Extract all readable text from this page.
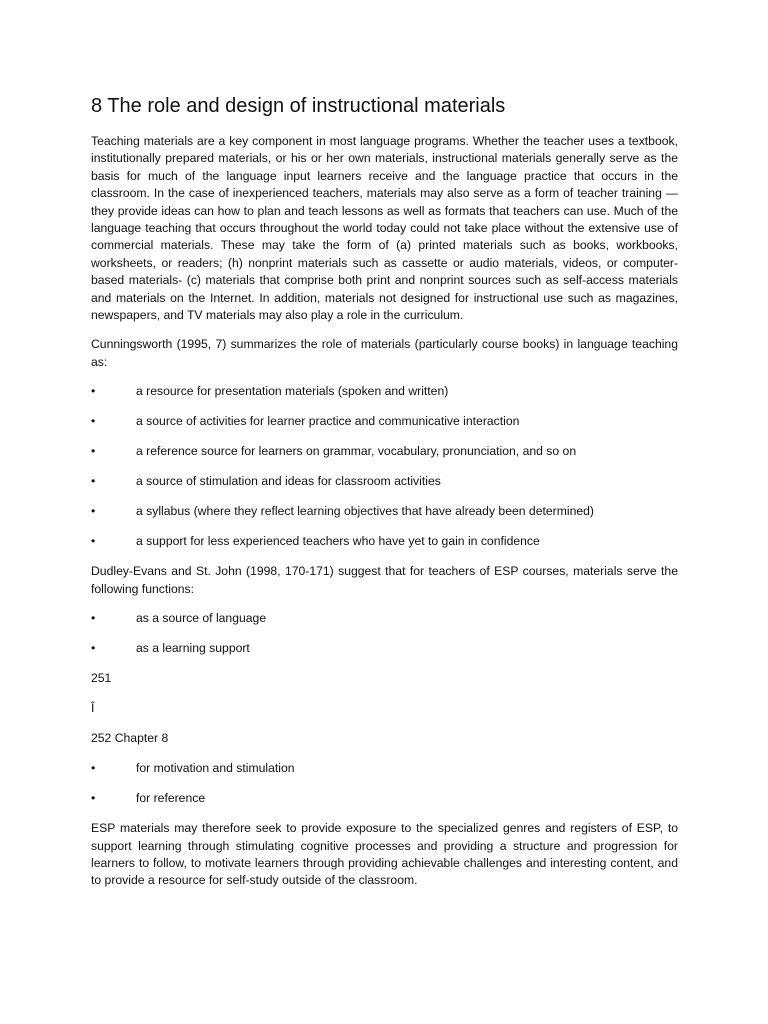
8 The role and design of instructional materials

Teaching materials are a key component in most language programs. Whether the teacher uses a textbook, institutionally prepared materials, or his or her own materials, instructional materials generally serve as the basis for much of the language input learners receive and the language practice that occurs in the classroom. In the case of inexperienced teachers, materials may also serve as a form of teacher training — they provide ideas can how to plan and teach lessons as well as formats that teachers can use. Much of the language teaching that occurs throughout the world today could not take place without the extensive use of commercial materials. These may take the form of (a) printed materials such as books, workbooks, worksheets, or readers; (h) nonprint materials such as cassette or audio materials, videos, or computer-based materials- (c) materials that comprise both print and nonprint sources such as self-access materials and materials on the Internet. In addition, materials not designed for instructional use such as magazines, newspapers, and TV materials may also play a role in the curriculum.

Cunningsworth (1995, 7) summarizes the role of materials (particularly course books) in language teaching as:

•	a resource for presentation materials (spoken and written)
•	a source of activities for learner practice and communicative interaction
•	a reference source for learners on grammar, vocabulary, pronunciation, and so on
•	a source of stimulation and ideas for classroom activities
•	a syllabus (where they reflect learning objectives that have already been determined)
•	a support for less experienced teachers who have yet to gain in confidence

Dudley-Evans and St. John (1998, 170-171) suggest that for teachers of ESP courses, materials serve the following functions:

•	as a source of language
•	as a learning support
251
Î
252 Chapter 8
•	for motivation and stimulation
•	for reference

ESP materials may therefore seek to provide exposure to the specialized genres and registers of ESP, to support learning through stimulating cognitive processes and providing a structure and progression for learners to follow, to motivate learners through providing achievable challenges and interesting content, and to provide a resource for self-study outside of the classroom.
